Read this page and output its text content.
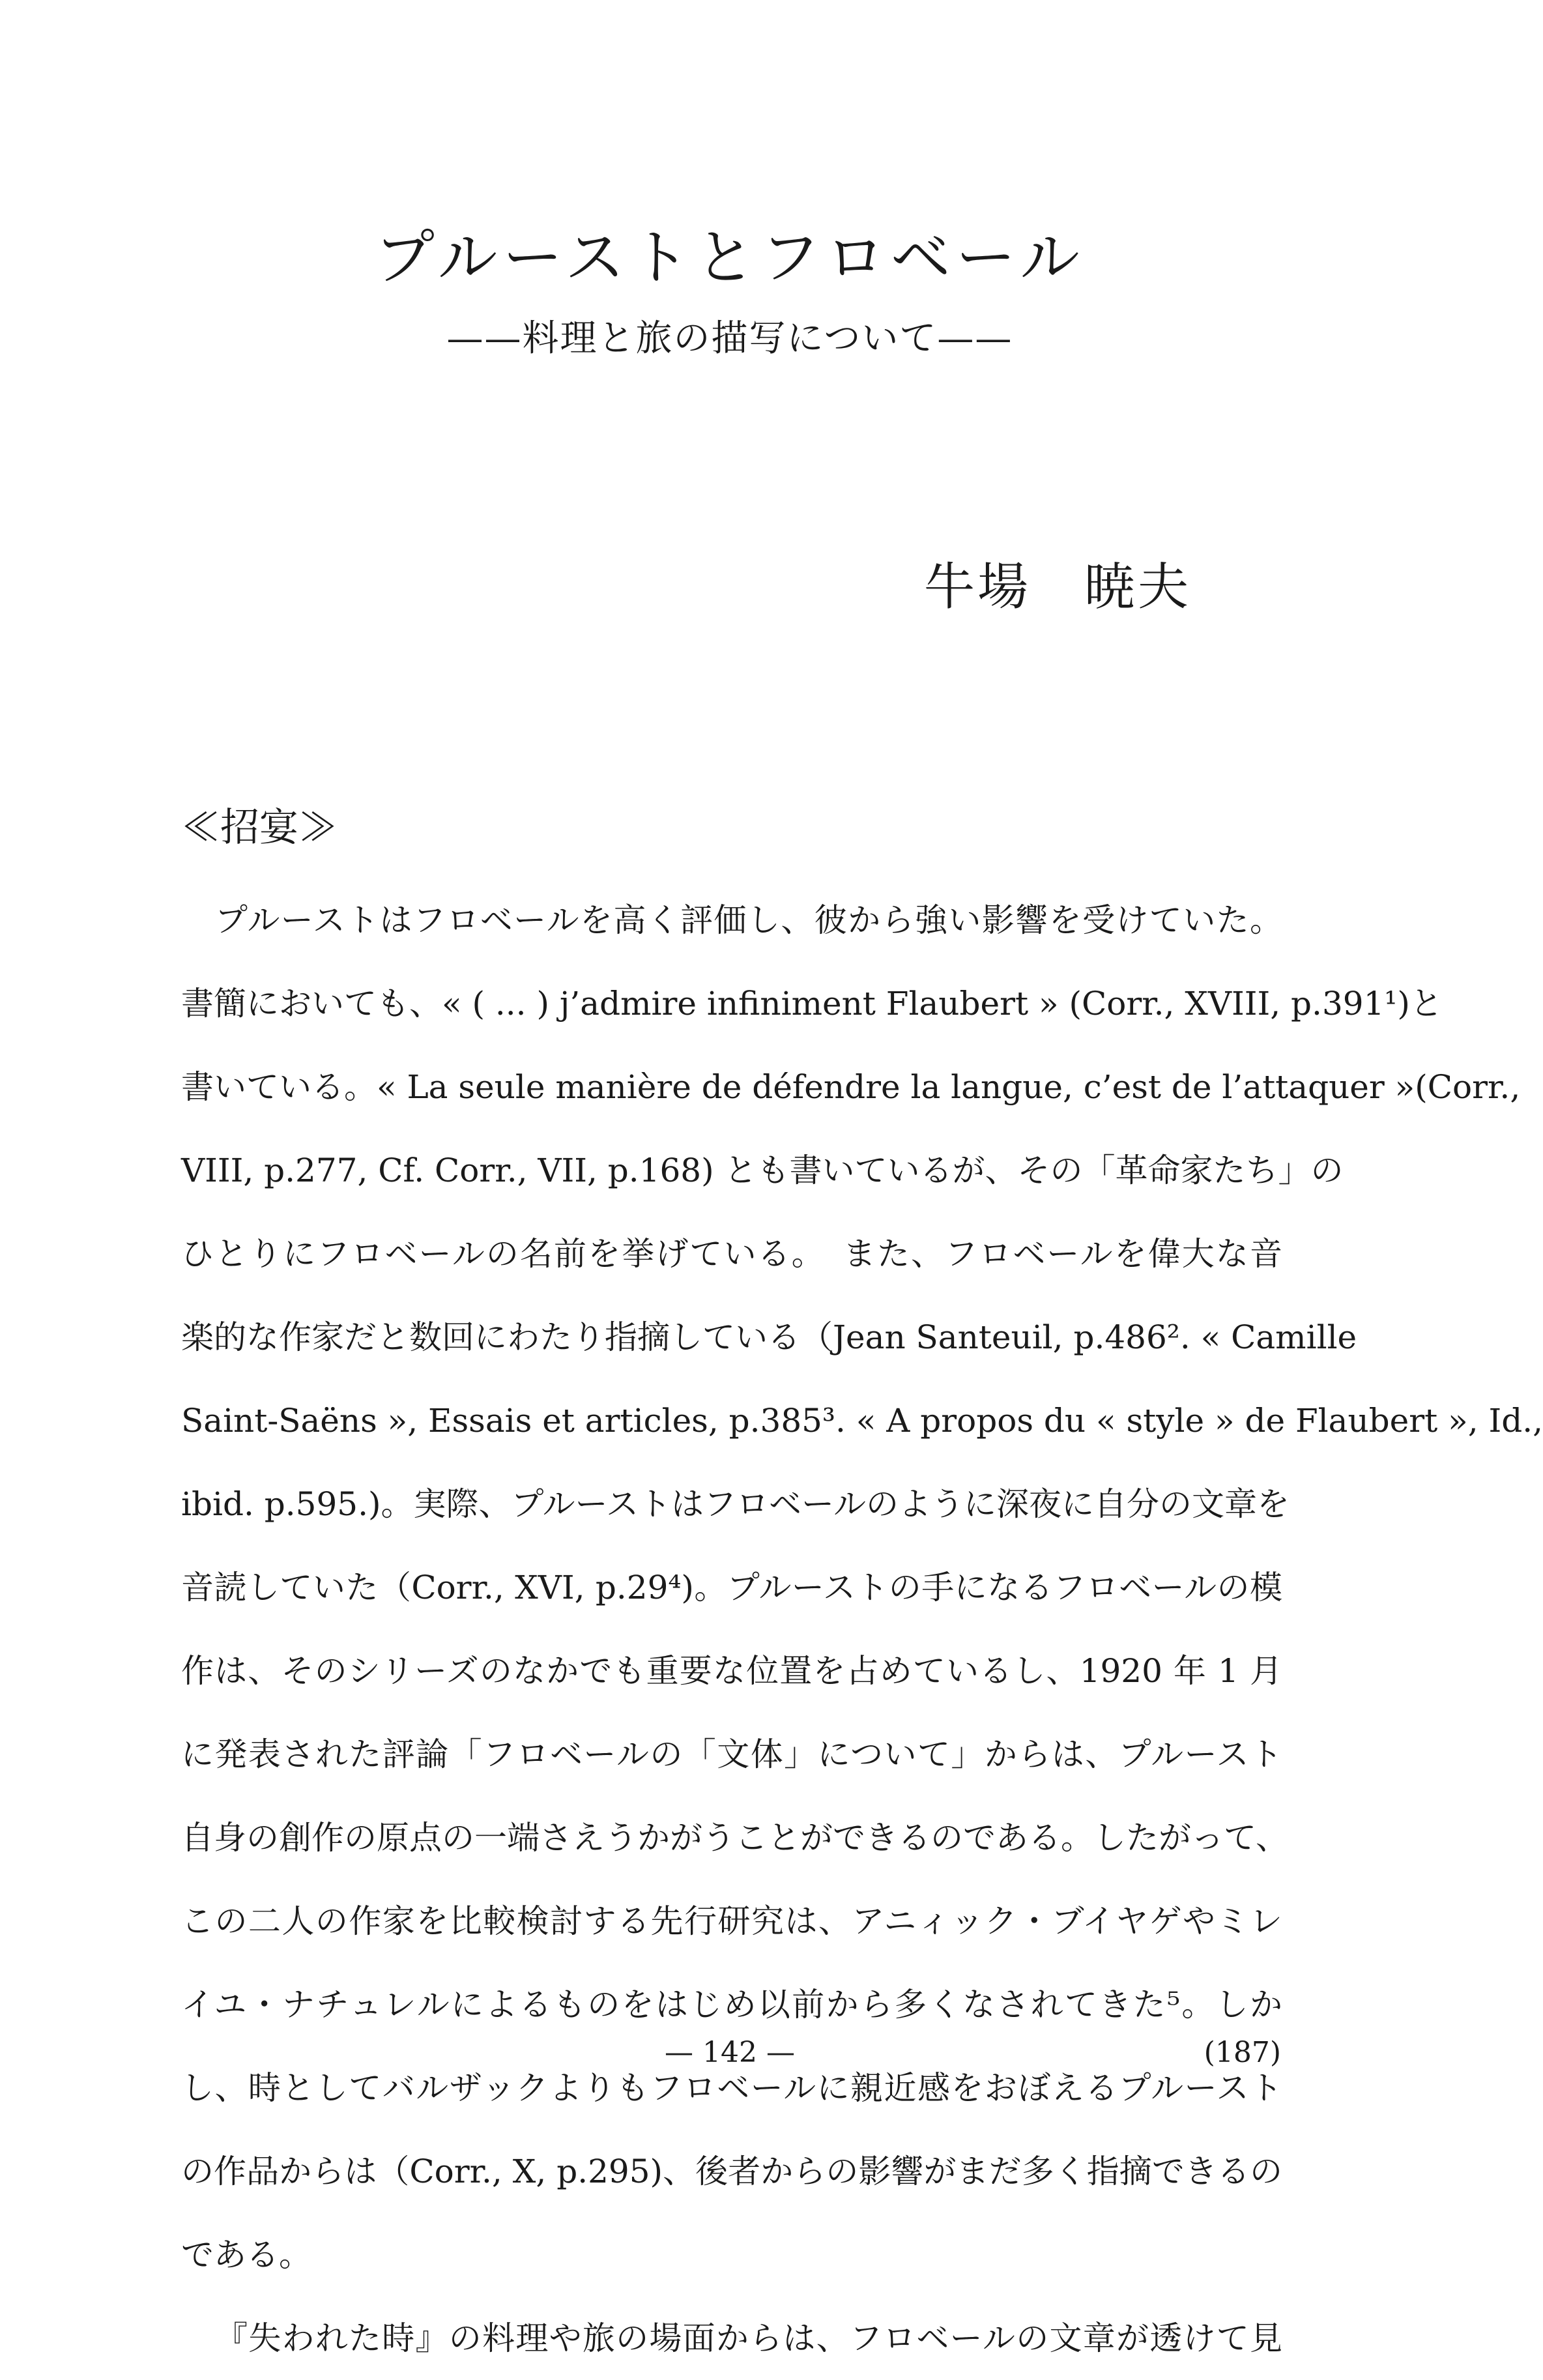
プルーストとフロベール
——料理と旅の描写について——
牛場　暁夫
≪招宴≫
プルーストはフロベールを高く評価し、彼から強い影響を受けていた。
書簡においても、« ( ... ) j’admire infiniment Flaubert » (Corr., XVIII, p.391¹)と
書いている。« La seule manière de défendre la langue, c’est de l’attaquer »(Corr.,
VIII, p.277, Cf. Corr., VII, p.168) とも書いているが、その「革命家たち」の
ひとりにフロベールの名前を挙げている。　また、フロベールを偉大な音
楽的な作家だと数回にわたり指摘している（Jean Santeuil, p.486². « Camille
Saint-Saëns », Essais et articles, p.385³. « A propos du « style » de Flaubert », Id.,
ibid. p.595.)。実際、プルーストはフロベールのように深夜に自分の文章を
音読していた（Corr., XVI, p.29⁴)。プルーストの手になるフロベールの模
作は、そのシリーズのなかでも重要な位置を占めているし、1920 年 1 月
に発表された評論「フロベールの「文体」について」からは、プルースト
自身の創作の原点の一端さえうかがうことができるのである。したがって、
この二人の作家を比較検討する先行研究は、アニィック・ブイヤゲやミレ
イユ・ナチュレルによるものをはじめ以前から多くなされてきた⁵。しか
し、時としてバルザックよりもフロベールに親近感をおぼえるプルースト
の作品からは（Corr., X, p.295)、後者からの影響がまだ多く指摘できるの
である。
『失われた時』の料理や旅の場面からは、フロベールの文章が透けて見
— 142 —	(187)
